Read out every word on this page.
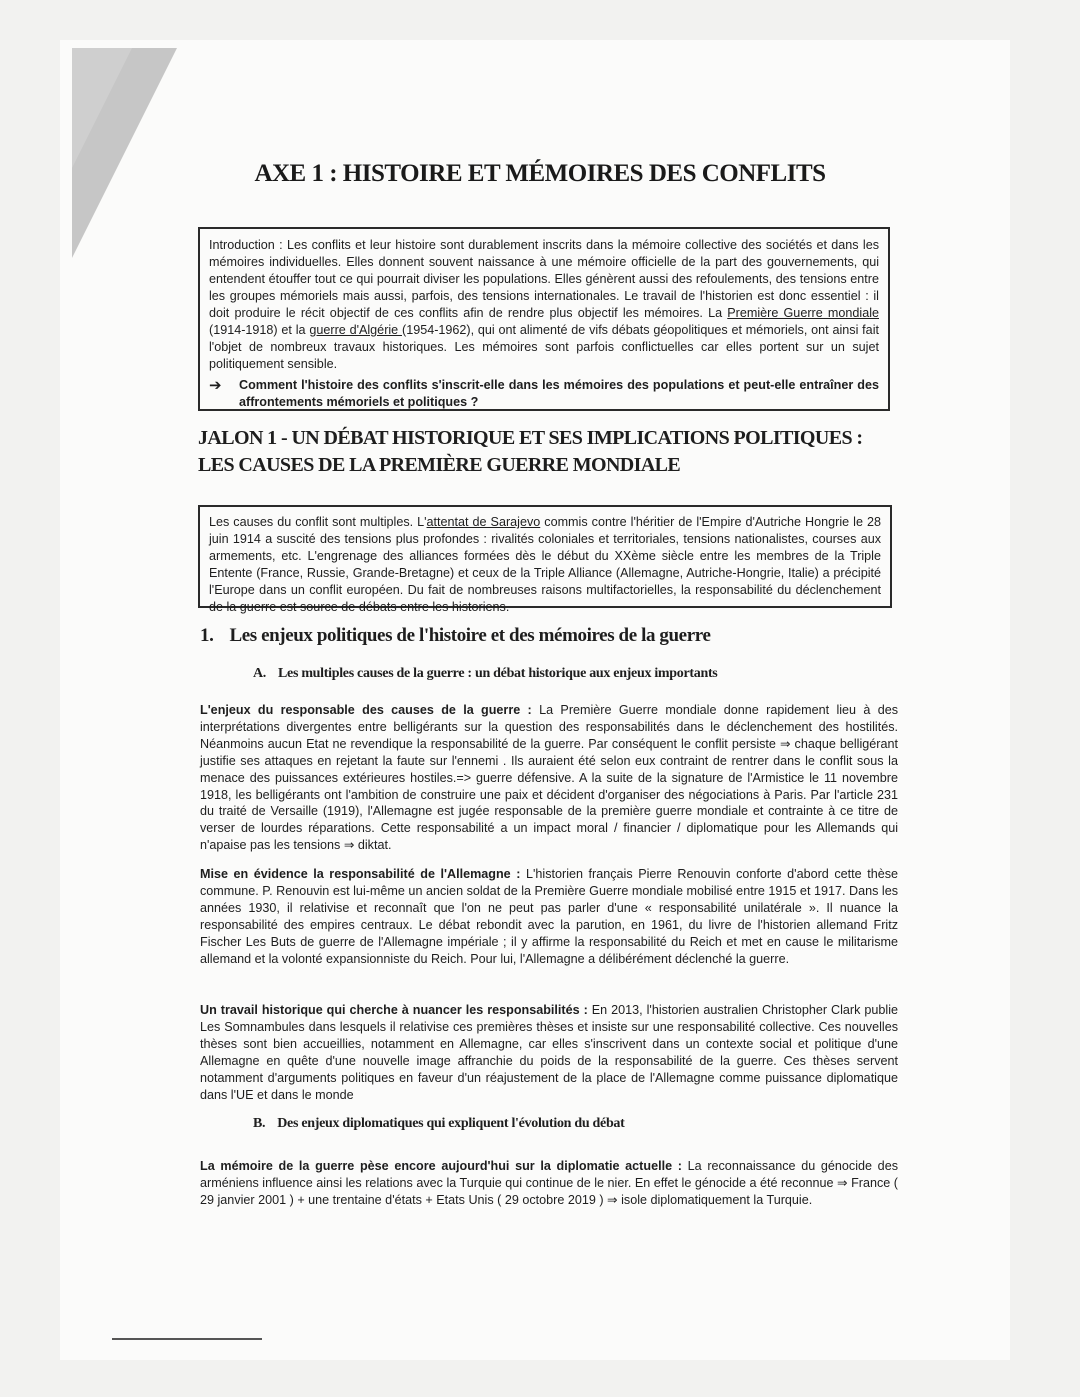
AXE 1 : HISTOIRE ET MÉMOIRES DES CONFLITS
Introduction : Les conflits et leur histoire sont durablement inscrits dans la mémoire collective des sociétés et dans les mémoires individuelles. Elles donnent souvent naissance à une mémoire officielle de la part des gouvernements, qui entendent étouffer tout ce qui pourrait diviser les populations. Elles génèrent aussi des refoulements, des tensions entre les groupes mémoriels mais aussi, parfois, des tensions internationales. Le travail de l'historien est donc essentiel : il doit produire le récit objectif de ces conflits afin de rendre plus objectif les mémoires. La Première Guerre mondiale (1914-1918) et la guerre d'Algérie (1954-1962), qui ont alimenté de vifs débats géopolitiques et mémoriels, ont ainsi fait l'objet de nombreux travaux historiques. Les mémoires sont parfois conflictuelles car elles portent sur un sujet politiquement sensible.
➔	Comment l'histoire des conflits s'inscrit-elle dans les mémoires des populations et peut-elle entraîner des affrontements mémoriels et politiques ?
JALON 1 - UN DÉBAT HISTORIQUE ET SES IMPLICATIONS POLITIQUES : LES CAUSES DE LA PREMIÈRE GUERRE MONDIALE
Les causes du conflit sont multiples. L'attentat de Sarajevo commis contre l'héritier de l'Empire d'Autriche Hongrie le 28 juin 1914 a suscité des tensions plus profondes : rivalités coloniales et territoriales, tensions nationalistes, courses aux armements, etc. L'engrenage des alliances formées dès le début du XXème siècle entre les membres de la Triple Entente (France, Russie, Grande-Bretagne) et ceux de la Triple Alliance (Allemagne, Autriche-Hongrie, Italie) a précipité l'Europe dans un conflit européen. Du fait de nombreuses raisons multifactorielles, la responsabilité du déclenchement de la guerre est source de débats entre les historiens.
1. Les enjeux politiques de l'histoire et des mémoires de la guerre
A. Les multiples causes de la guerre : un débat historique aux enjeux importants
L'enjeux du responsable des causes de la guerre : La Première Guerre mondiale donne rapidement lieu à des interprétations divergentes entre belligérants sur la question des responsabilités dans le déclenchement des hostilités. Néanmoins aucun Etat ne revendique la responsabilité de la guerre. Par conséquent le conflit persiste ⇒ chaque belligérant justifie ses attaques en rejetant la faute sur l'ennemi . Ils auraient été selon eux contraint de rentrer dans le conflit sous la menace des puissances extérieures hostiles.=> guerre défensive. A la suite de la signature de l'Armistice le 11 novembre 1918, les belligérants ont l'ambition de construire une paix et décident d'organiser des négociations à Paris. Par l'article 231 du traité de Versaille (1919), l'Allemagne est jugée responsable de la première guerre mondiale et contrainte à ce titre de verser de lourdes réparations. Cette responsabilité a un impact moral / financier / diplomatique pour les Allemands qui n'apaise pas les tensions ⇒ diktat.
Mise en évidence la responsabilité de l'Allemagne : L'historien français Pierre Renouvin conforte d'abord cette thèse commune. P. Renouvin est lui-même un ancien soldat de la Première Guerre mondiale mobilisé entre 1915 et 1917. Dans les années 1930, il relativise et reconnaît que l'on ne peut pas parler d'une « responsabilité unilatérale ». Il nuance la responsabilité des empires centraux. Le débat rebondit avec la parution, en 1961, du livre de l'historien allemand Fritz Fischer Les Buts de guerre de l'Allemagne impériale ; il y affirme la responsabilité du Reich et met en cause le militarisme allemand et la volonté expansionniste du Reich. Pour lui, l'Allemagne a délibérément déclenché la guerre.
Un travail historique qui cherche à nuancer les responsabilités : En 2013, l'historien australien Christopher Clark publie Les Somnambules dans lesquels il relativise ces premières thèses et insiste sur une responsabilité collective. Ces nouvelles thèses sont bien accueillies, notamment en Allemagne, car elles s'inscrivent dans un contexte social et politique d'une Allemagne en quête d'une nouvelle image affranchie du poids de la responsabilité de la guerre. Ces thèses servent notamment d'arguments politiques en faveur d'un réajustement de la place de l'Allemagne comme puissance diplomatique dans l'UE et dans le monde
B. Des enjeux diplomatiques qui expliquent l'évolution du débat
La mémoire de la guerre pèse encore aujourd'hui sur la diplomatie actuelle : La reconnaissance du génocide des arméniens influence ainsi les relations avec la Turquie qui continue de le nier. En effet le génocide a été reconnue ⇒ France ( 29 janvier 2001 ) + une trentaine d'états + Etats Unis ( 29 octobre 2019 ) ⇒ isole diplomatiquement la Turquie.
